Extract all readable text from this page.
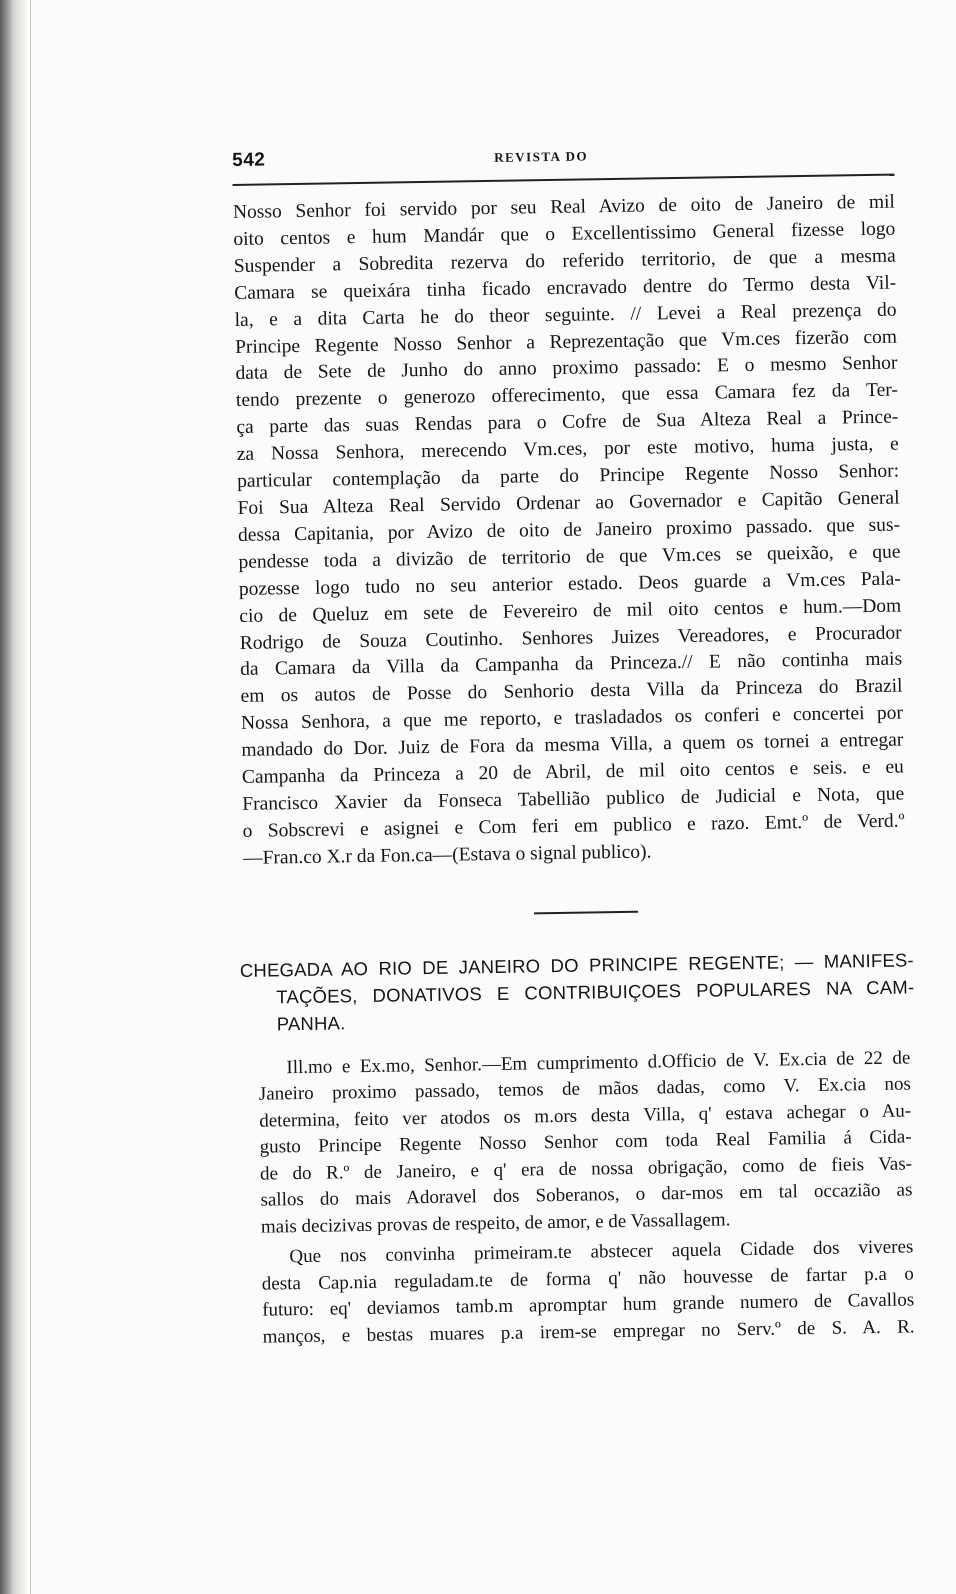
542	REVISTA DO
Nosso Senhor foi servido por seu Real Avizo de oito de Janeiro de mil
oito centos e hum Mandár que o Excellentissimo General fizesse logo
Suspender a Sobredita rezerva do referido territorio, de que a mesma
Camara se queixára tinha ficado encravado dentre do Termo desta Vil-
la, e a dita Carta he do theor seguinte. // Levei a Real prezença do
Principe Regente Nosso Senhor a Reprezentação que Vm.ces fizerão com
data de Sete de Junho do anno proximo passado: E o mesmo Senhor
tendo prezente o generozo offerecimento, que essa Camara fez da Ter-
ça parte das suas Rendas para o Cofre de Sua Alteza Real a Prince-
za Nossa Senhora, merecendo Vm.ces, por este motivo, huma justa, e
particular contemplação da parte do Principe Regente Nosso Senhor:
Foi Sua Alteza Real Servido Ordenar ao Governador e Capitão General
dessa Capitania, por Avizo de oito de Janeiro proximo passado. que sus-
pendesse toda a divizão de territorio de que Vm.ces se queixão, e que
pozesse logo tudo no seu anterior estado. Deos guarde a Vm.ces Pala-
cio de Queluz em sete de Fevereiro de mil oito centos e hum.—Dom
Rodrigo de Souza Coutinho. Senhores Juizes Vereadores, e Procurador
da Camara da Villa da Campanha da Princeza.// E não continha mais
em os autos de Posse do Senhorio desta Villa da Princeza do Brazil
Nossa Senhora, a que me reporto, e trasladados os conferi e concertei por
mandado do Dor. Juiz de Fora da mesma Villa, a quem os tornei a entregar
Campanha da Princeza a 20 de Abril, de mil oito centos e seis. e eu
Francisco Xavier da Fonseca Tabellião publico de Judicial e Nota, que
o Sobscrevi e asignei e Com feri em publico e razo. Emt.º de Verd.º
—Fran.co X.r da Fon.ca—(Estava o signal publico).
CHEGADA AO RIO DE JANEIRO DO PRINCIPE REGENTE; — MANIFES-
TAÇÕES, DONATIVOS E CONTRIBUIÇOES POPULARES NA CAM-
PANHA.
Ill.mo e Ex.mo, Senhor.—Em cumprimento d.Officio de V. Ex.cia de 22 de
Janeiro proximo passado, temos de mãos dadas, como V. Ex.cia nos
determina, feito ver atodos os m.ors desta Villa, q' estava achegar o Au-
gusto Principe Regente Nosso Senhor com toda Real Familia á Cida-
de do R.º de Janeiro, e q' era de nossa obrigação, como de fieis Vas-
sallos do mais Adoravel dos Soberanos, o dar-mos em tal occazião as
mais decizivas provas de respeito, de amor, e de Vassallagem.
Que nos convinha primeiram.te abstecer aquela Cidade dos viveres
desta Cap.nia reguladam.te de forma q' não houvesse de fartar p.a o
futuro: eq' deviamos tamb.m apromptar hum grande numero de Cavallos
manços, e bestas muares p.a irem-se empregar no Serv.º de S. A. R.
